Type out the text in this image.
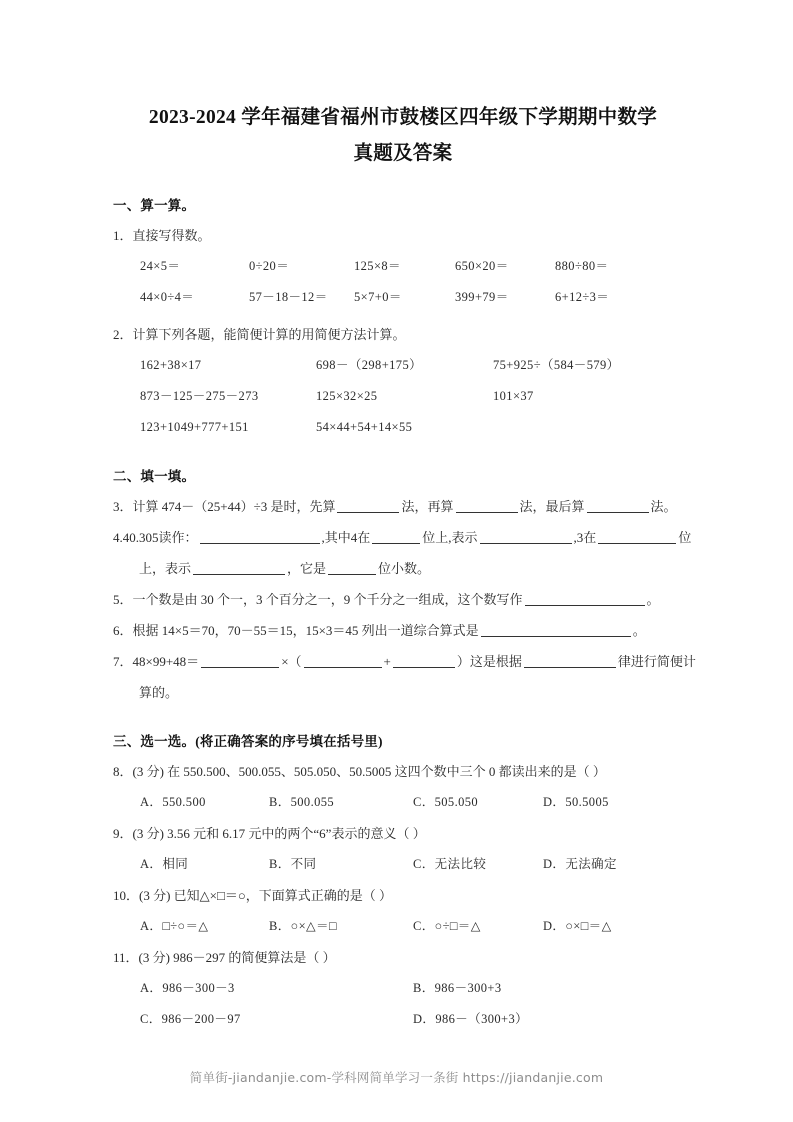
2023-2024 学年福建省福州市鼓楼区四年级下学期期中数学
真题及答案
一、算一算。
1．直接写得数。
24×5＝	0÷20＝	125×8＝	650×20＝	880÷80＝
44×0÷4＝	57－18－12＝ 5×7+0＝	399+79＝	6+12÷3＝
2．计算下列各题，能简便计算的用简便方法计算。
162+38×17	698－（298+175）	75+925÷（584－579）
873－125－275－273	125×32×25	101×37
123+1049+777+151	54×44+54+14×55
二、填一填。
3．计算 474－（25+44）÷3 是时，先算	法，再算	法，最后算	法。
4.40.305读作：	,其中4在	位上,表示	,3在	位
上，表示	，它是	位小数。
5．一个数是由 30 个一，3 个百分之一，9 个千分之一组成，这个数写作	。
6．根据 14×5＝70，70－55＝15，15×3＝45 列出一道综合算式是	。
7．48×99+48＝	×（	+	）这是根据	律进行简便计
算的。
三、选一选。(将正确答案的序号填在括号里)
8．(3 分) 在 550.500、500.055、505.050、50.5005 这四个数中三个 0 都读出来的是（ ）
A．550.500	B．500.055	C．505.050	D．50.5005
9．(3 分) 3.56 元和 6.17 元中的两个“6”表示的意义（ ）
A．相同	B．不同	C．无法比较	D．无法确定
10．(3 分) 已知△×□＝○，下面算式正确的是（ ）
A．□÷○＝△	B．○×△＝□	C．○÷□＝△	D．○×□＝△
11．(3 分) 986－297 的简便算法是（ ）
A．986－300－3	B．986－300+3
C．986－200－97	D．986－（300+3）
简单街-jiandanjie.com-学科网简单学习一条街 https://jiandanjie.com
